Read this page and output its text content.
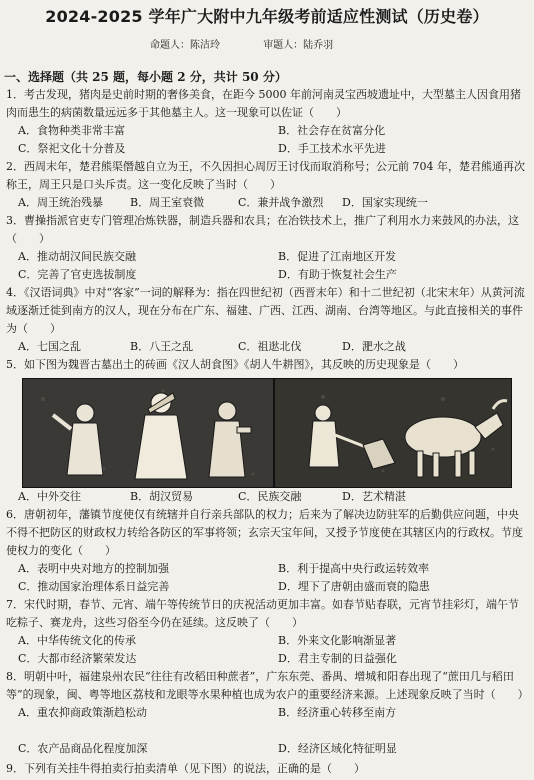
2024-2025 学年广大附中九年级考前适应性测试（历史卷）
命题人：陈洁玲	审题人：陆乔羽
一、选择题（共 25 题，每小题 2 分，共计 50 分）
1．考古发现，猪肉是史前时期的奢侈美食，在距今 5000 年前河南灵宝西坡遗址中，大型墓主人因食用猪肉而患生的病菌数量远远多于其他墓主人。这一现象可以佐证（　　）
A．食物种类非常丰富	B．社会存在贫富分化
C．祭祀文化十分普及	D．手工技术水平先进
2．西周末年，楚君熊渠僭越自立为王，不久因担心周厉王讨伐而取消称号；公元前 704 年，楚君熊通再次称王，周王只是口头斥责。这一变化反映了当时（　　）
A．周王统治残暴 B．周王室衰微	C．兼并战争激烈 D．国家实现统一
3．曹操指派官吏专门管理冶炼铁器，制造兵器和农具；在冶铁技术上，推广了利用水力来鼓风的办法，这（　　）
A．推动胡汉间民族交融	B．促进了江南地区开发
C．完善了官吏选拔制度	D．有助于恢复社会生产
4．《汉语词典》中对“客家”一词的解释为：指在四世纪初（西晋末年）和十二世纪初（北宋末年）从黄河流域逐渐迁徙到南方的汉人，现在分布在广东、福建、广西、江西、湖南、台湾等地区。与此直接相关的事件为（　　）
A．七国之乱	B．八王之乱	C．祖逖北伐	D．淝水之战
5．如下图为魏晋古墓出土的砖画《汉人胡食图》《胡人牛耕图》，其反映的历史现象是（　　）
A．中外交往	B．胡汉贸易	C．民族交融	D．艺术精湛
6．唐朝初年，藩镇节度使仅有统辖并自行亲兵部队的权力；后来为了解决边防驻军的后勤供应问题，中央不得不把防区的财政权力转给各防区的军事将领；玄宗天宝年间，又授予节度使在其辖区内的行政权。节度使权力的变化（　　）
A．表明中央对地方的控制加强	B．利于提高中央行政运转效率
C．推动国家治理体系日益完善	D．埋下了唐朝由盛而衰的隐患
7．宋代时期，春节、元宵、端午等传统节日的庆祝活动更加丰富。如春节贴春联，元宵节挂彩灯，端午节吃粽子、赛龙舟，这些习俗至今仍在延续。这反映了（　　）
A．中华传统文化的传承	B．外来文化影响渐显著
C．大都市经济繁荣发达	D．君主专制的日益强化
8．明朝中叶，福建泉州农民“往往有改稻田种蔗者”，广东东莞、番禺、增城和阳春出现了“蔗田几与稻田等”的现象，闽、粤等地区荔枝和龙眼等水果种植也成为农户的重要经济来源。上述现象反映了当时（　　）
A．重农抑商政策渐趋松动	B．经济重心转移至南方
C．农产品商品化程度加深	D．经济区域化特征明显
9．下列有关挂牛得拍卖行拍卖清单（见下图）的说法，正确的是（　　）
